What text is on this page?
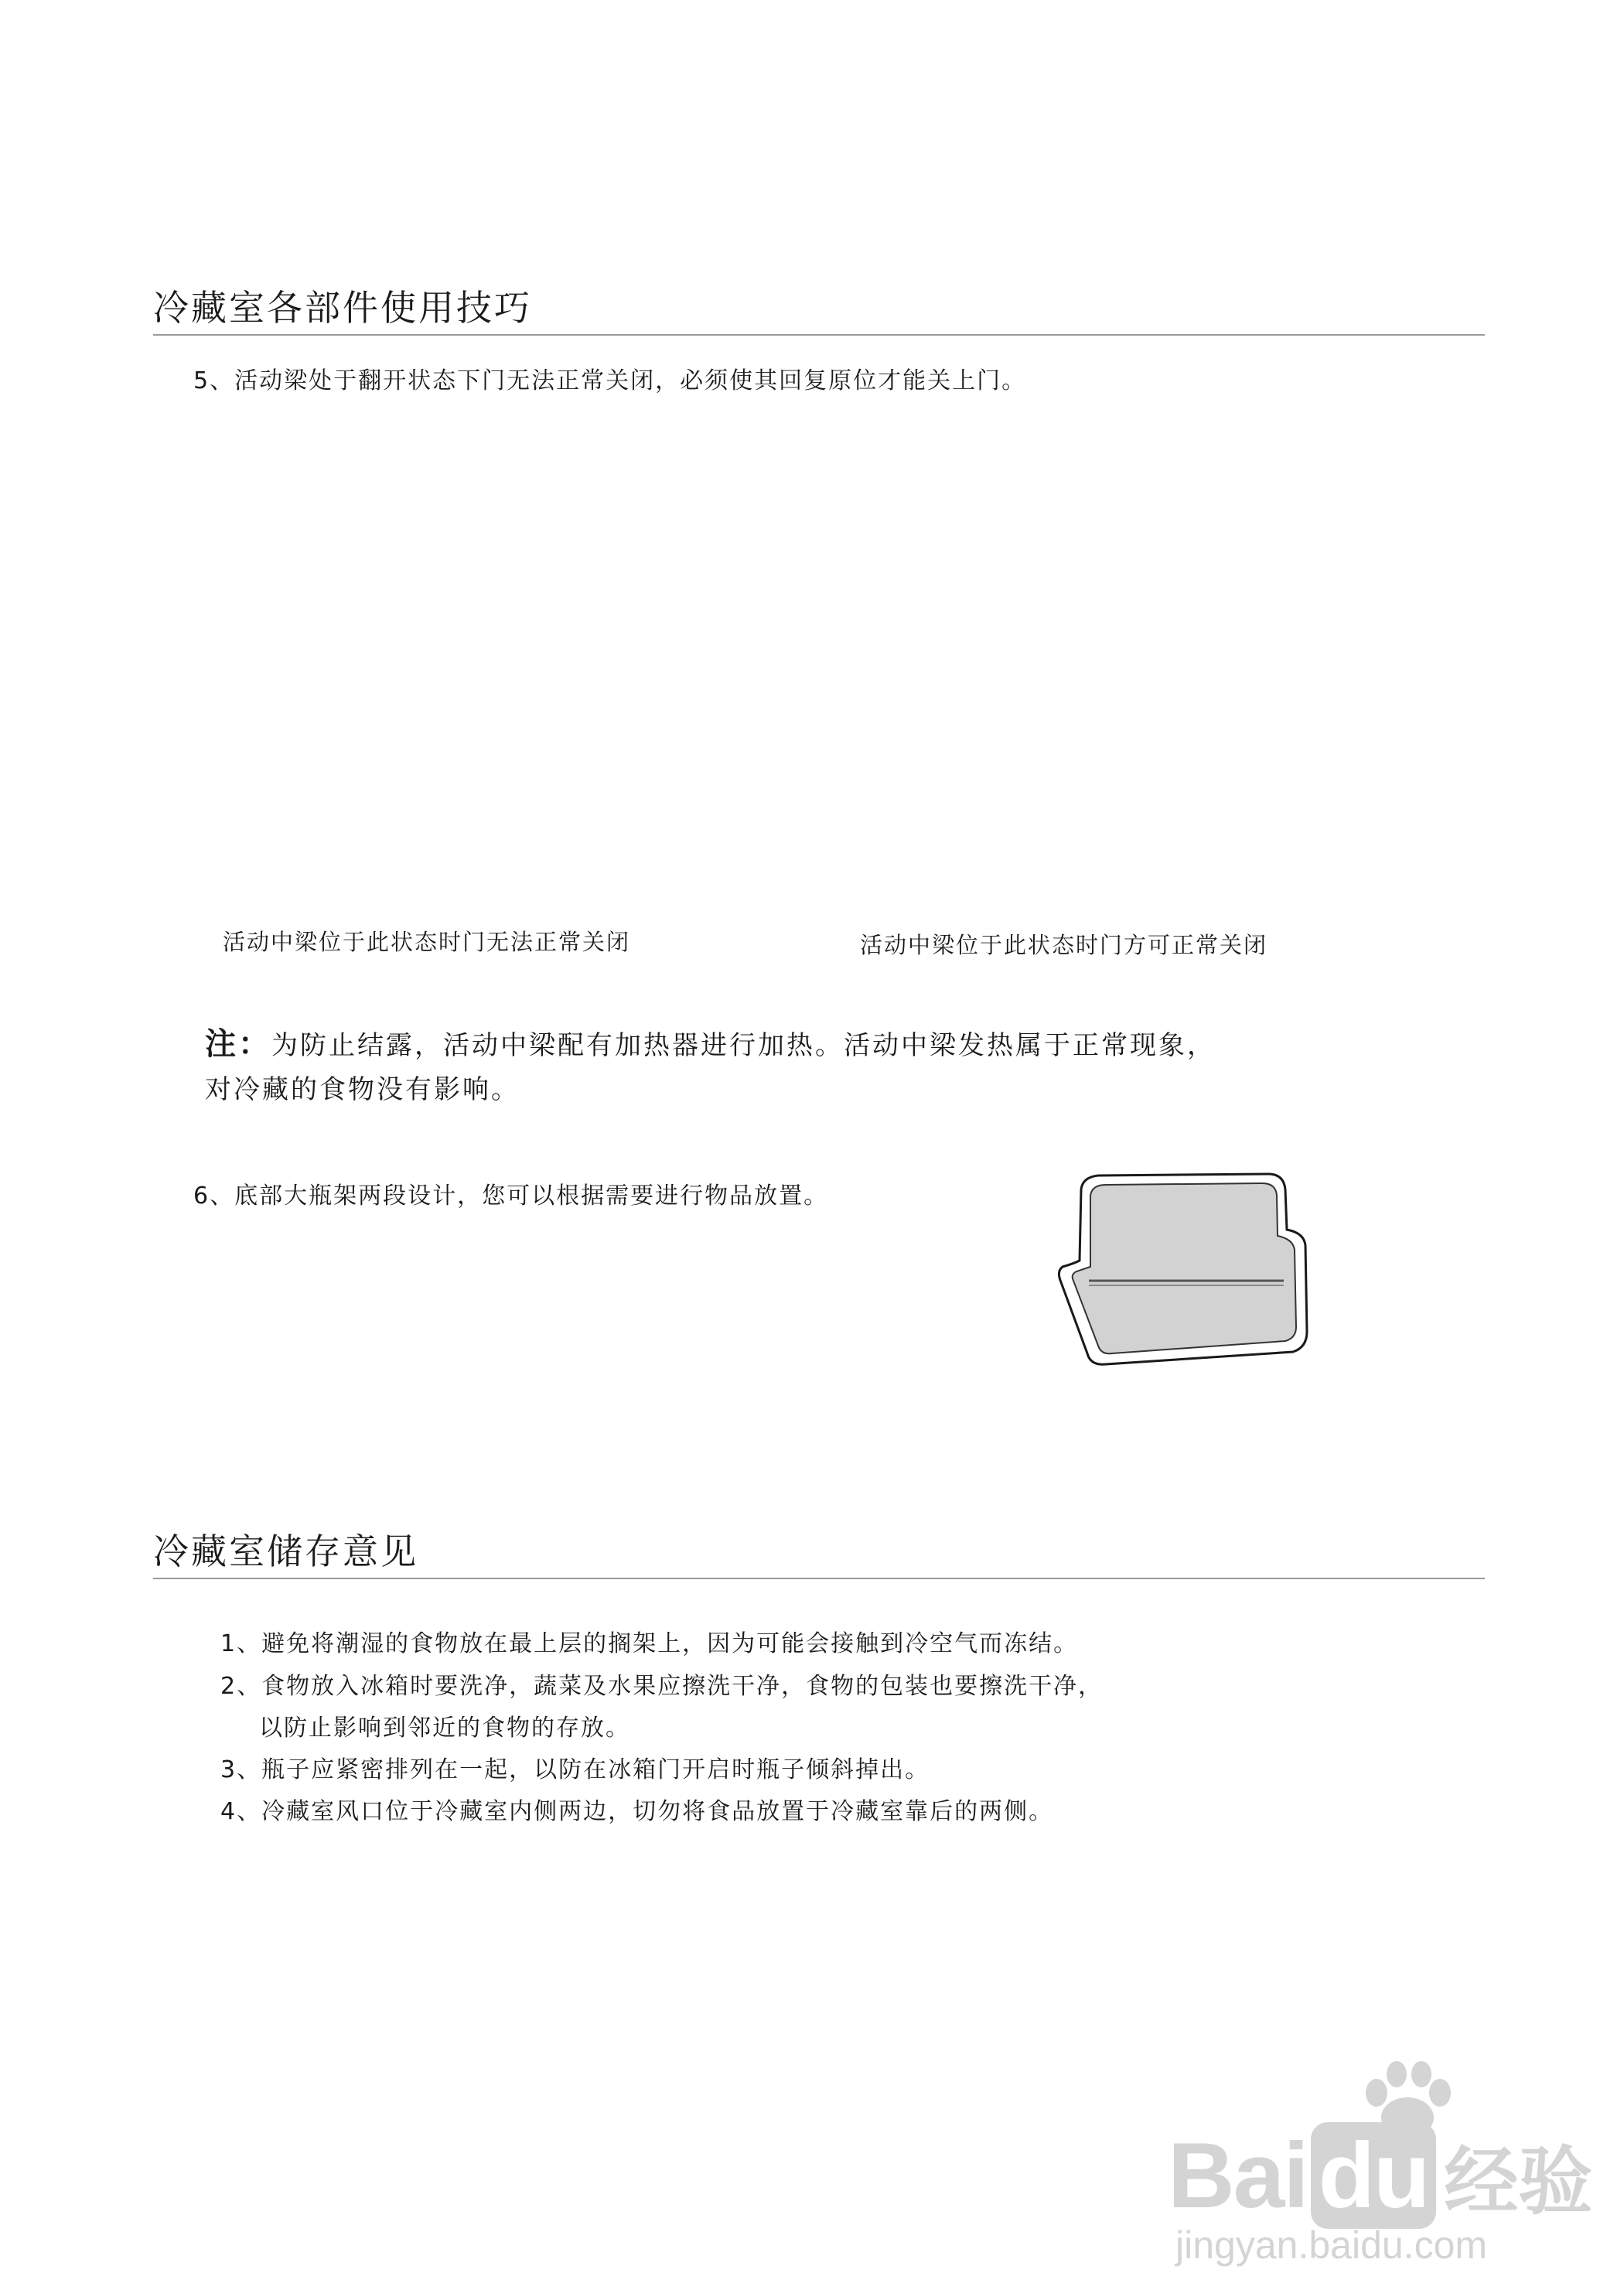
冷藏室各部件使用技巧
5、活动梁处于翻开状态下门无法正常关闭，必须使其回复原位才能关上门。
活动中梁位于此状态时门无法正常关闭	活动中梁位于此状态时门方可正常关闭
注：为防止结露，活动中梁配有加热器进行加热。活动中梁发热属于正常现象，
对冷藏的食物没有影响。
6、底部大瓶架两段设计，您可以根据需要进行物品放置。
冷藏室储存意见
1、避免将潮湿的食物放在最上层的搁架上，因为可能会接触到冷空气而冻结。
2、食物放入冰箱时要洗净，蔬菜及水果应擦洗干净，食物的包装也要擦洗干净，
以防止影响到邻近的食物的存放。
3、瓶子应紧密排列在一起，以防在冰箱门开启时瓶子倾斜掉出。
4、冷藏室风口位于冷藏室内侧两边，切勿将食品放置于冷藏室靠后的两侧。
Bai du 经验
jingyan.baidu.com
